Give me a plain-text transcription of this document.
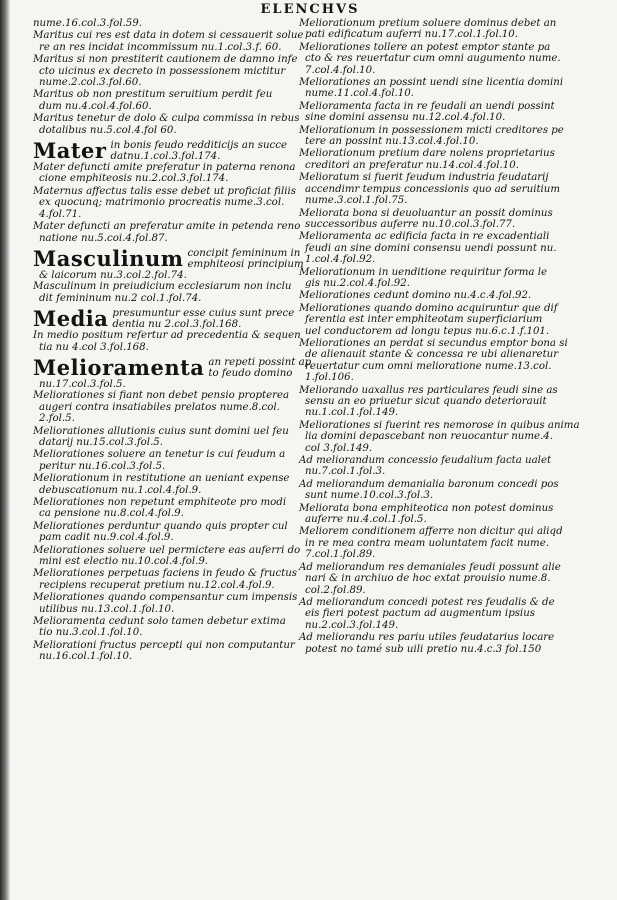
ELENCHVS
nume.16.col.3.fol.59.
Maritus cui res est data in dotem si cessauerit solue
re an res incidat incommissum nu.1.col.3.f. 60.
Maritus si non prestiterit cautionem de damno infe
cto uicinus ex decreto in possessionem mictitur
nume.2.col.3.fol.60.
Maritus ob non prestitum seruitium perdit feu
dum nu.4.col.4.fol.60.
Maritus tenetur de dolo & culpa commissa in rebus
dotalibus nu.5.col.4.fol 60.
Mater in bonis feudo redditicijs an succe
datnu.1.col.3.fol.174.
Mater defuncti amite preferatur in paterna renona
cione emphiteosis nu.2.col.3.fol.174.
Maternus affectus talis esse debet ut proficiat filiis
ex quocunq; matrimonio procreatis nume.3.col.
4.fol.71.
Mater defuncti an preferatur amite in petenda reno
natione nu.5.coi.4.fol.87.
Masculinum concipit femininum in
emphiteosi principium
& laicorum nu.3.col.2.fol.74.
Masculinum in preiudicium ecclesiarum non inclu
dit femininum nu.2 col.1.fol.74.
Media presumuntur esse cuius sunt prece
dentia nu 2.col.3.fol.168.
In medio positum refertur ad precedentia & sequen
tia nu 4.col 3.fol.168.
Melioramenta an repeti possint ap
to feudo domino
nu.17.col.3.fol.5.
Meliorationes si fiant non debet pensio propterea
augeri contra insatiabiles prelatos nume.8.col.
2.fol.5.
Meliorationes allutionis cuius sunt domini uel feu
datarij nu.15.col.3.fol.5.
Meliorationes soluere an tenetur is cui feudum a
peritur nu.16.col.3.fol.5.
Meliorationum in restitutione an ueniant expense
debuscationum nu.1.col.4.fol.9.
Meliorationes non repetunt emphiteote pro modi
ca pensione nu.8.col.4.fol.9.
Meliorationes perduntur quando quis propter cul
pam cadit nu.9.col.4.fol.9.
Meliorationes soluere uel permictere eas auferri do
mini est electio nu.10.col.4.fol.9.
Meliorationes perpetuas faciens in feudo & fructus
recipiens recuperat pretium nu.12.col.4.fol.9.
Meliorationes quando compensantur cum impensis
utilibus nu.13.col.1.fol.10.
Melioramenta cedunt solo tamen debetur extima
tio nu.3.col.1.fol.10.
Meliorationi fructus percepti qui non computantur
nu.16.col.1.fol.10.
Meliorationum pretium soluere dominus debet an
pati edificatum auferri nu.17.col.1.fol.10.
Meliorationes tollere an potest emptor stante pa
cto & res reuertatur cum omni augumento nume.
7.col.4.fol.10.
Meliorationes an possint uendi sine licentia domini
nume.11.col.4.fol.10.
Melioramenta facta in re feudali an uendi possint
sine domini assensu nu.12.col.4.fol.10.
Meliorationum in possessionem micti creditores pe
tere an possint nu.13.col.4.fol.10.
Meliorationum pretium dare nolens proprietarius
creditori an preferatur nu.14.col.4.fol.10.
Melioratum si fuerit feudum industria feudatarij
accendimr tempus concessionis quo ad seruitium
nume.3.col.1.fol.75.
Meliorata bona si deuoluantur an possit dominus
successoribus auferre nu.10.col.3.fol.77.
Melioramenta ac edificia facta in re excadentiali
feudi an sine domini consensu uendi possunt nu.
1.col.4.fol.92.
Meliorationum in uenditione requiritur forma le
gis nu.2.col.4.fol.92.
Meliorationes cedunt domino nu.4.c.4.fol.92.
Meliorationes quando domino acquiruntur que dif
ferentia est inter emphiteotam superficiarium
uel conductorem ad longu tepus nu.6.c.1.f.101.
Meliorationes an perdat si secundus emptor bona si
de alienauit stante & concessa re ubi alienaretur
reuertatur cum omni melioratione nume.13.col.
1.fol.106.
Meliorando uaxallus res particulares feudi sine as
sensu an eo priuetur sicut quando deteriorauit
nu.1.col.1.fol.149.
Meliorationes si fuerint res nemorose in quibus anima
lia domini depascebant non reuocantur nume.4.
col 3.fol.149.
Ad meliorandum concessio feudalium facta ualet
nu.7.col.1.fol.3.
Ad meliorandum demanialia baronum concedi pos
sunt nume.10.col.3.fol.3.
Meliorata bona emphiteotica non potest dominus
auferre nu.4.col.1.fol.5.
Meliorem conditionem afferre non dicitur qui aliqd
in re mea contra meam uoluntatem facit nume.
7.col.1.fol.89.
Ad meliorandum res demaniales feudi possunt alie
nari & in archiuo de hoc extat prouisio nume.8.
col.2.fol.89.
Ad meliorandum concedi potest res feudalis & de
eis fieri potest pactum ad augmentum ipsius
nu.2.col.3.fol.149.
Ad meliorandu res pariu utiles feudatarius locare
potest no tamé sub uili pretio nu.4.c.3 fol.150
